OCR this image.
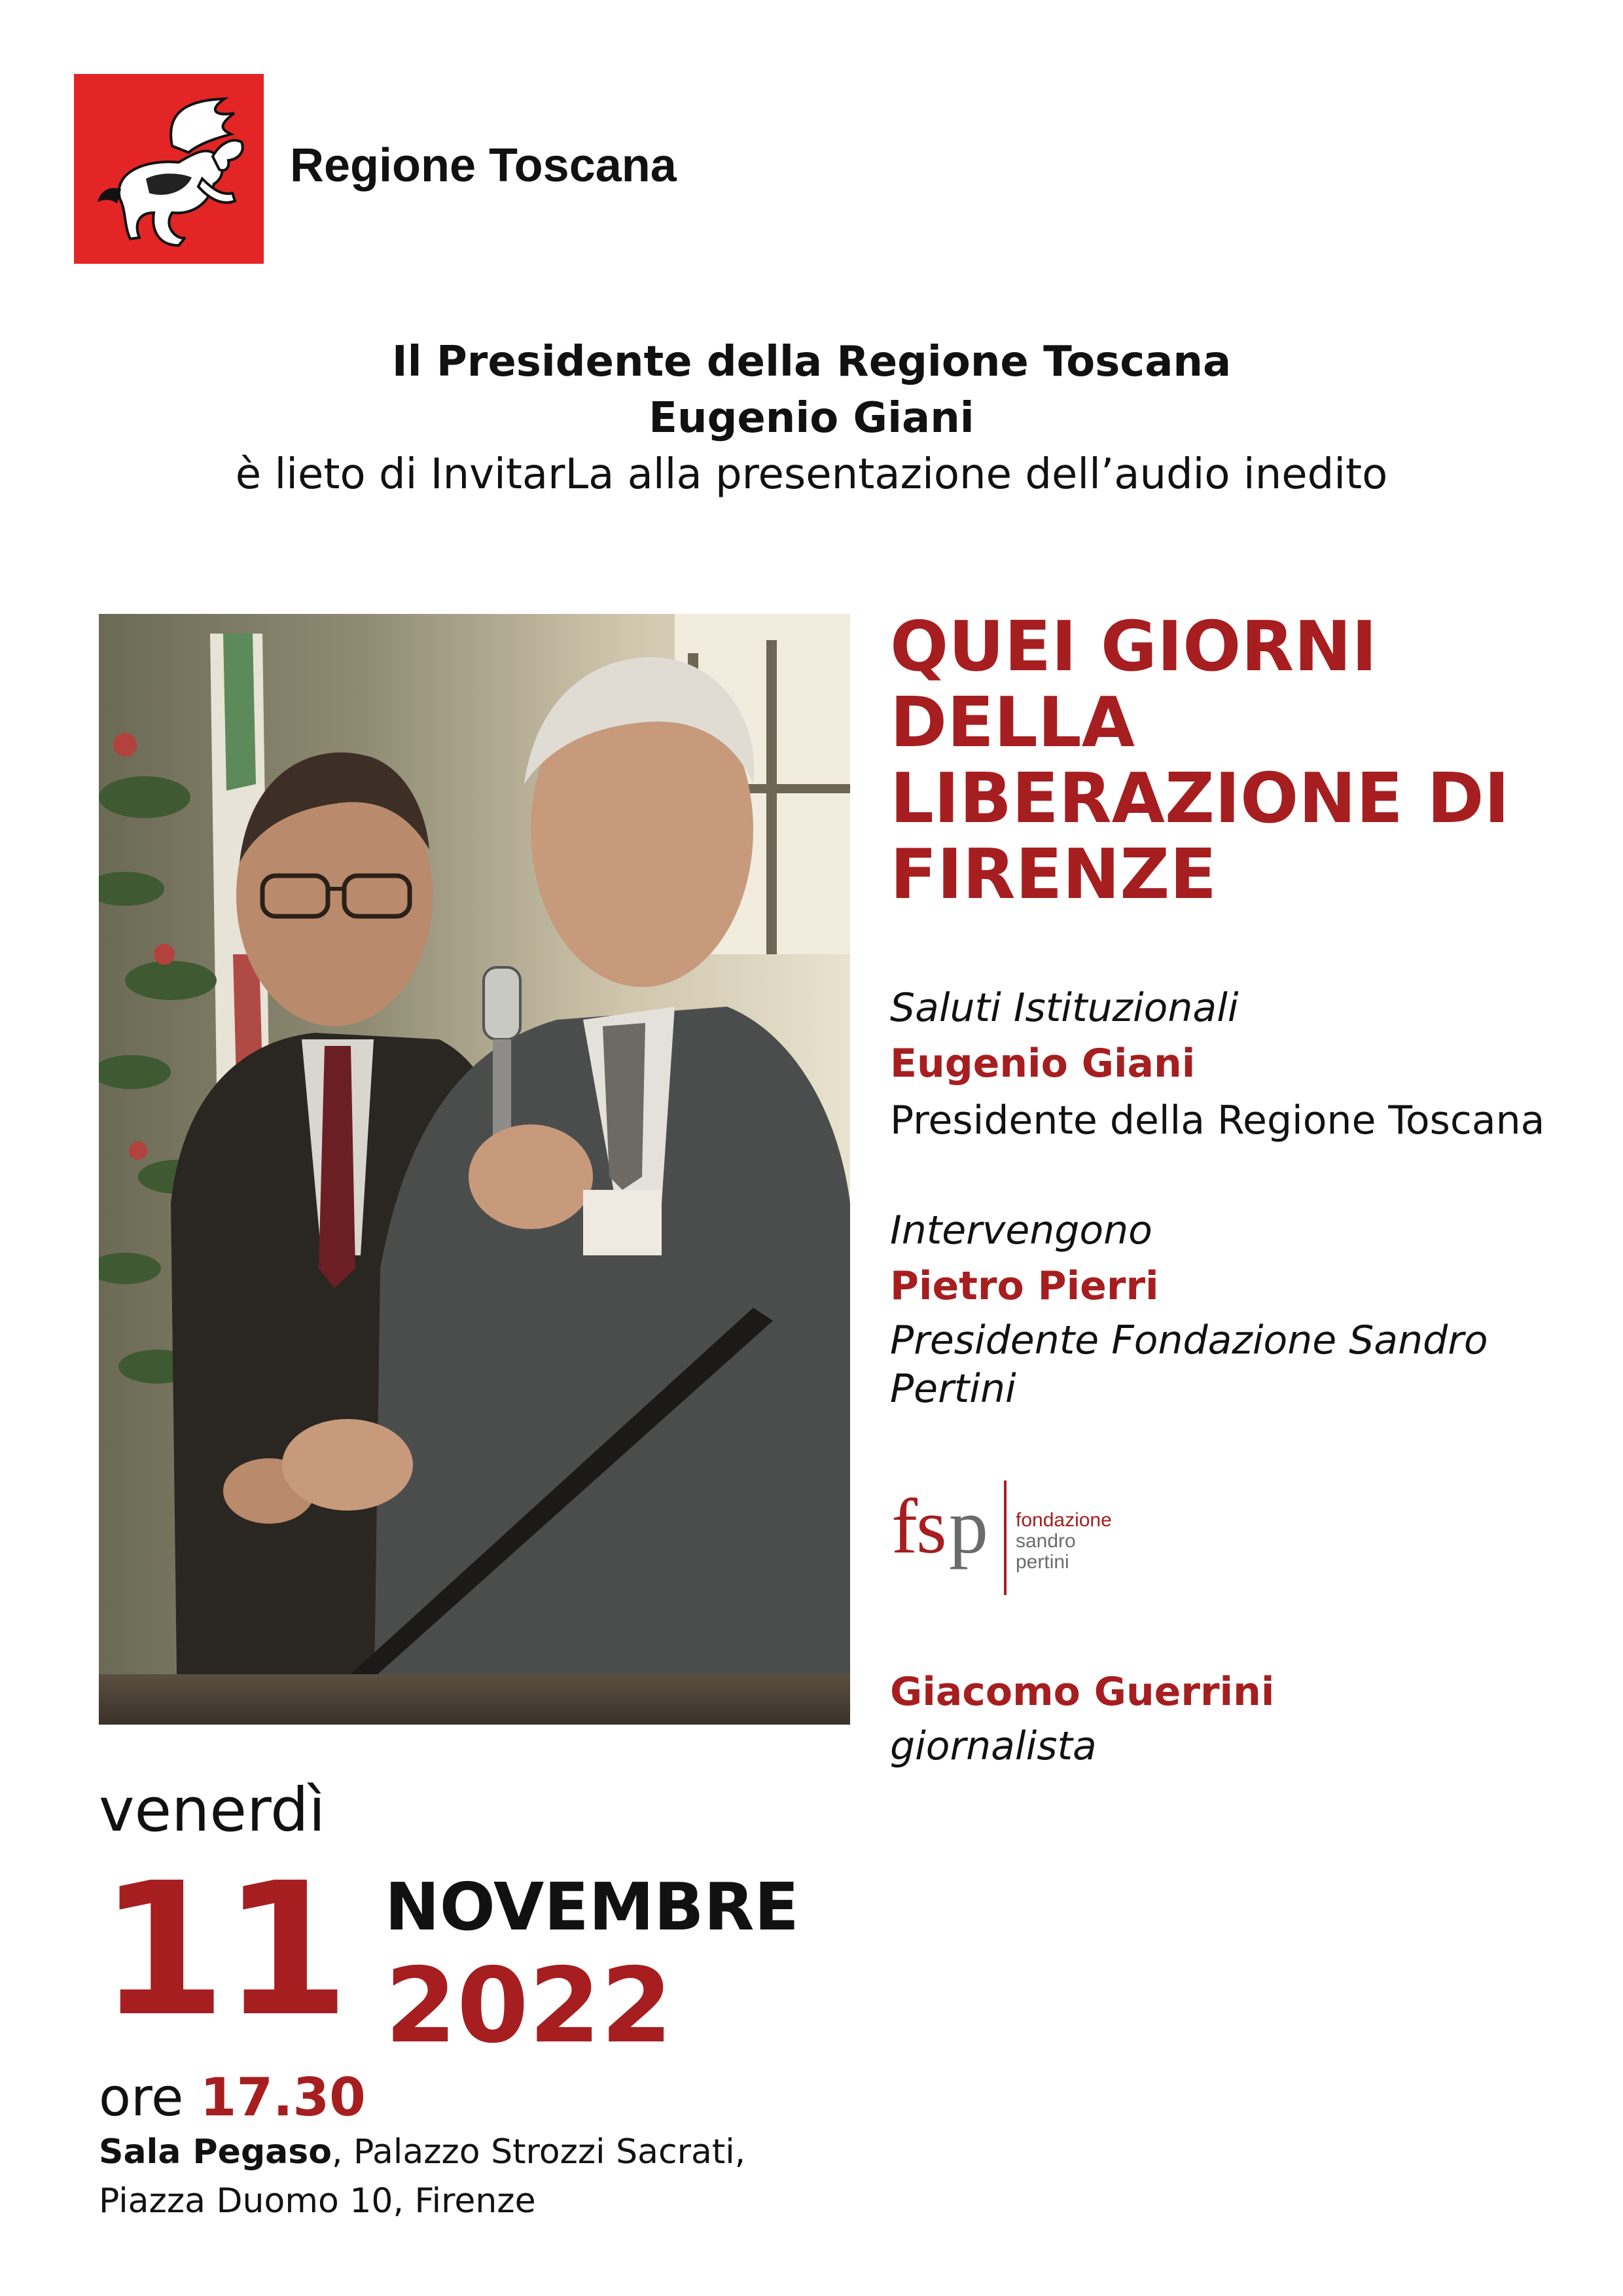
Regione Toscana
Il Presidente della Regione Toscana
Eugenio Giani
è lieto di InvitarLa alla presentazione dell’audio inedito
QUEI GIORNI
DELLA
LIBERAZIONE DI
FIRENZE
Saluti Istituzionali
Eugenio Giani
Presidente della Regione Toscana
Intervengono
Pietro Pierri
Presidente Fondazione Sandro
Pertini
f
s p fondazione
sandro
pertini
Giacomo Guerrini
giornalista
venerdì
11 NOVEMBRE
2022
ore 17.30
Sala Pegaso, Palazzo Strozzi Sacrati,
Piazza Duomo 10, Firenze
